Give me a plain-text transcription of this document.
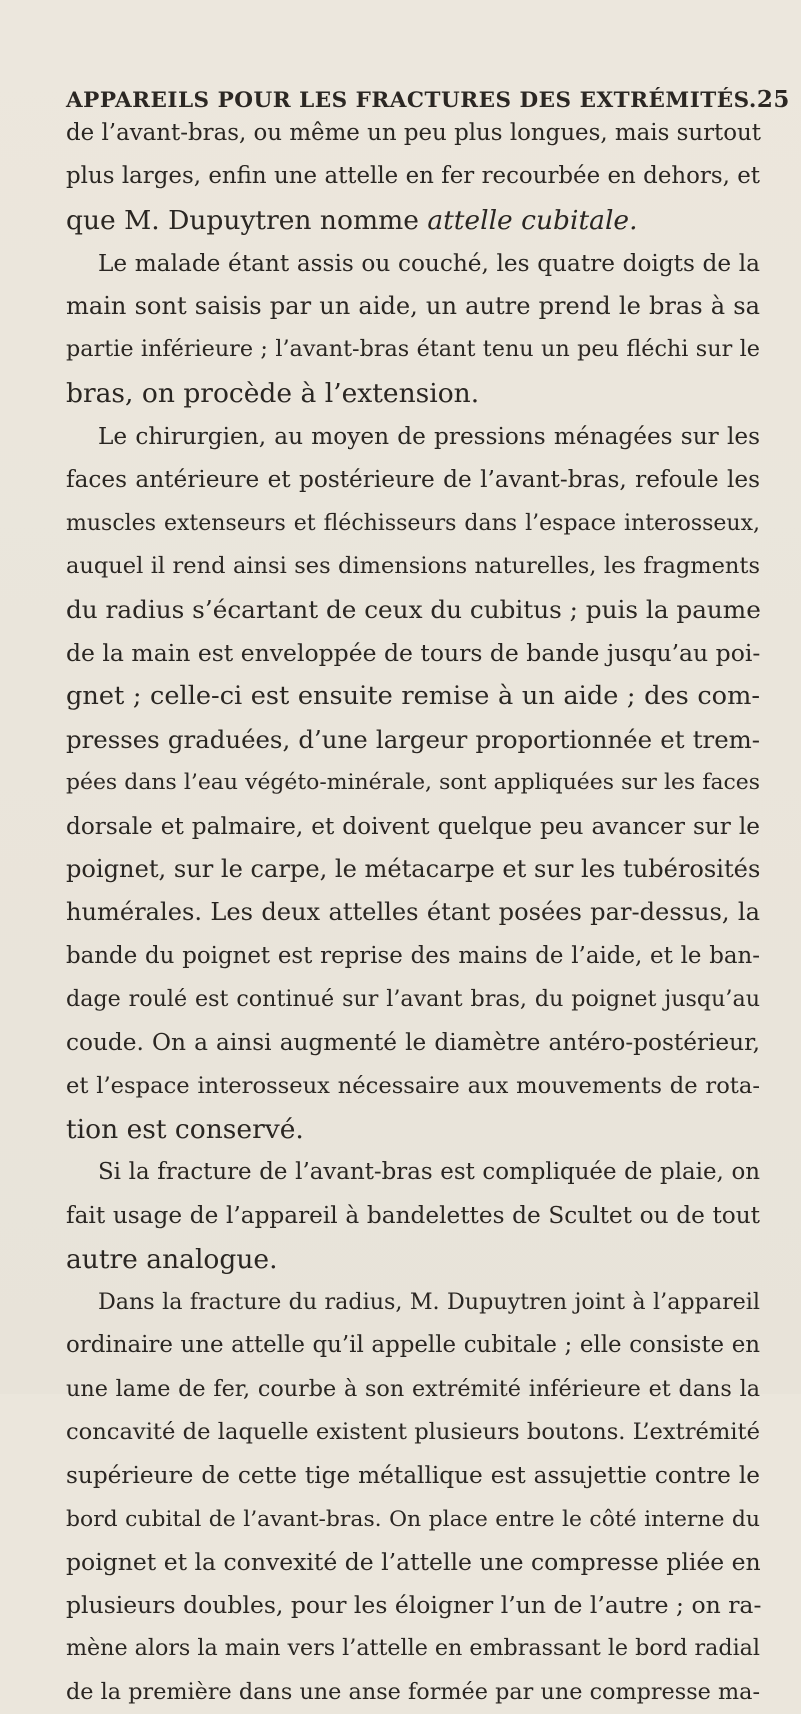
APPAREILS POUR LES FRACTURES DES EXTRÉMITÉS. 25
de l’avant-bras, ou même un peu plus longues, mais surtout
plus larges, enfin une attelle en fer recourbée en dehors, et
que M. Dupuytren nomme attelle cubitale.
Le malade étant assis ou couché, les quatre doigts de la
main sont saisis par un aide, un autre prend le bras à sa
partie inférieure ; l’avant-bras étant tenu un peu fléchi sur le
bras, on procède à l’extension.
Le chirurgien, au moyen de pressions ménagées sur les
faces antérieure et postérieure de l’avant-bras, refoule les
muscles extenseurs et fléchisseurs dans l’espace interosseux,
auquel il rend ainsi ses dimensions naturelles, les fragments
du radius s’écartant de ceux du cubitus ; puis la paume
de la main est enveloppée de tours de bande jusqu’au poi-
gnet ; celle-ci est ensuite remise à un aide ; des com-
presses graduées, d’une largeur proportionnée et trem-
pées dans l’eau végéto-minérale, sont appliquées sur les faces
dorsale et palmaire, et doivent quelque peu avancer sur le
poignet, sur le carpe, le métacarpe et sur les tubérosités
humérales. Les deux attelles étant posées par-dessus, la
bande du poignet est reprise des mains de l’aide, et le ban-
dage roulé est continué sur l’avant bras, du poignet jusqu’au
coude. On a ainsi augmenté le diamètre antéro-postérieur,
et l’espace interosseux nécessaire aux mouvements de rota-
tion est conservé.
Si la fracture de l’avant-bras est compliquée de plaie, on
fait usage de l’appareil à bandelettes de Scultet ou de tout
autre analogue.
Dans la fracture du radius, M. Dupuytren joint à l’appareil
ordinaire une attelle qu’il appelle cubitale ; elle consiste en
une lame de fer, courbe à son extrémité inférieure et dans la
concavité de laquelle existent plusieurs boutons. L’extrémité
supérieure de cette tige métallique est assujettie contre le
bord cubital de l’avant-bras. On place entre le côté interne du
poignet et la convexité de l’attelle une compresse pliée en
plusieurs doubles, pour les éloigner l’un de l’autre ; on ra-
mène alors la main vers l’attelle en embrassant le bord radial
de la première dans une anse formée par une compresse ma-
